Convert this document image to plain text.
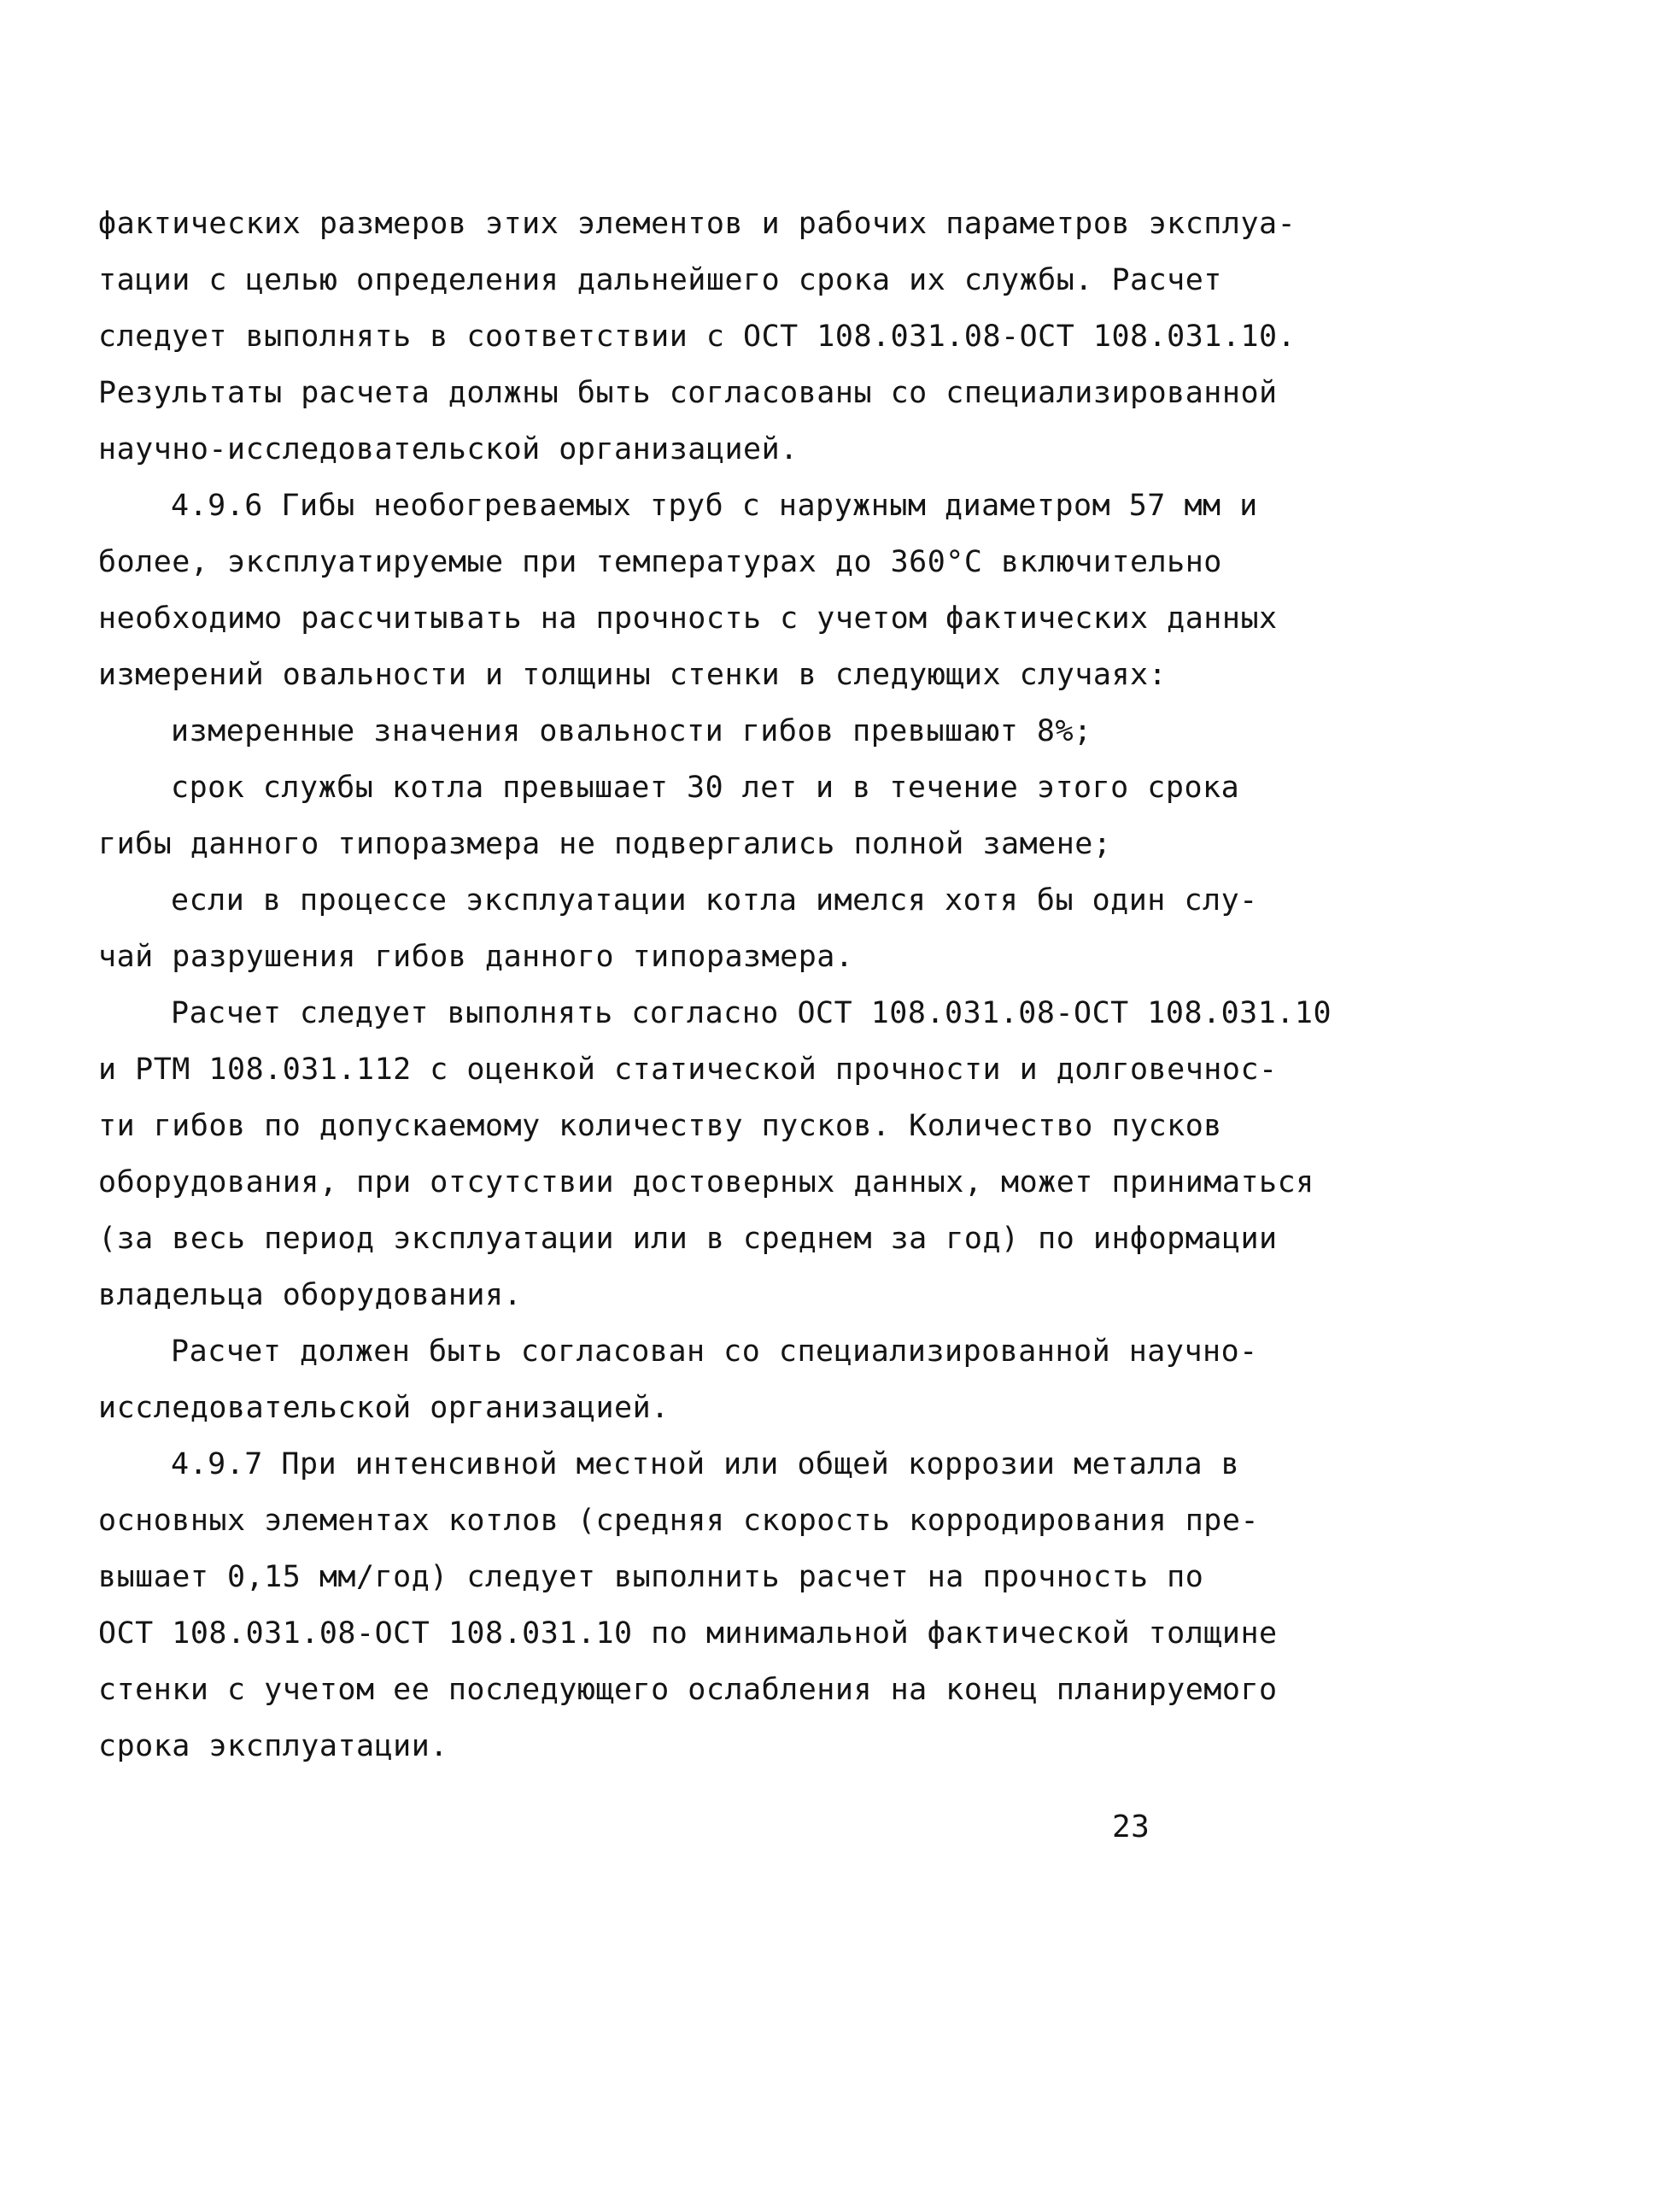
фактических размеров этих элементов и рабочих параметров эксплуа-
тации с целью определения дальнейшего срока их службы. Расчет
следует выполнять в соответствии с ОСТ 108.031.08-ОСТ 108.031.10.
Результаты расчета должны быть согласованы со специализированной
научно-исследовательской организацией.
4.9.6 Гибы необогреваемых труб с наружным диаметром 57 мм и
более, эксплуатируемые при температурах до 360°С включительно
необходимо рассчитывать на прочность с учетом фактических данных
измерений овальности и толщины стенки в следующих случаях:
измеренные значения овальности гибов превышают 8%;
срок службы котла превышает 30 лет и в течение этого срока
гибы данного типоразмера не подвергались полной замене;
если в процессе эксплуатации котла имелся хотя бы один слу-
чай разрушения гибов данного типоразмера.
Расчет следует выполнять согласно ОСТ 108.031.08-ОСТ 108.031.10
и РТМ 108.031.112 с оценкой статической прочности и долговечнос-
ти гибов по допускаемому количеству пусков. Количество пусков
оборудования, при отсутствии достоверных данных, может приниматься
(за весь период эксплуатации или в среднем за год) по информации
владельца оборудования.
Расчет должен быть согласован со специализированной научно-
исследовательской организацией.
4.9.7 При интенсивной местной или общей коррозии металла в
основных элементах котлов (средняя скорость корродирования пре-
вышает 0,15 мм/год) следует выполнить расчет на прочность по
ОСТ 108.031.08-ОСТ 108.031.10 по минимальной фактической толщине
стенки с учетом ее последующего ослабления на конец планируемого
срока эксплуатации.
23
